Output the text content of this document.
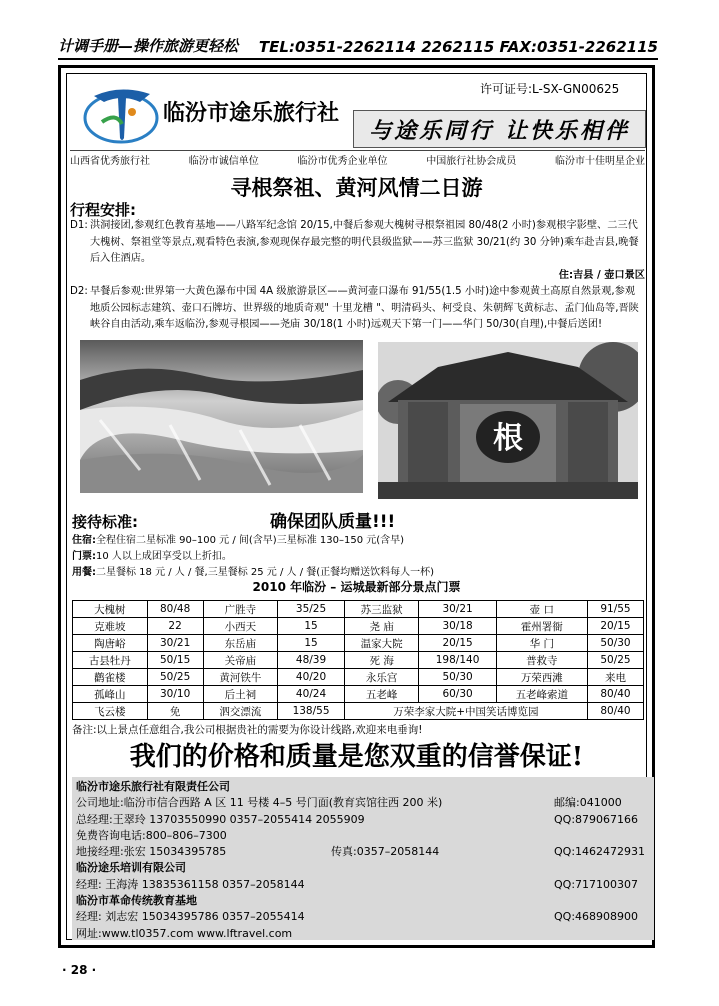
计调手册—操作旅游更轻松 TEL:0351-2262114 2262115 FAX:0351-2262115
许可证号:L-SX-GN00625
临汾市途乐旅行社
与途乐同行 让快乐相伴
山西省优秀旅行社	临汾市诚信单位	临汾市优秀企业单位	中国旅行社协会成员	临汾市十佳明星企业
寻根祭祖、黄河风情二日游
行程安排:
D1: 洪洞接团,参观红色教育基地——八路军纪念馆 20/15,中餐后参观大槐树寻根祭祖园 80/48(2 小时)参观根字影壁、二三代大槐树、祭祖堂等景点,观看特色表演,参观现保存最完整的明代县级监狱——苏三监狱 30/21(约 30 分钟)乘车赴吉县,晚餐后入住酒店。
住:吉县 / 壶口景区
D2: 早餐后参观:世界第一大黄色瀑布中国 4A 级旅游景区——黄河壶口瀑布 91/55(1.5 小时)途中参观黄土高原自然景观,参观地质公园标志建筑、壶口石牌坊、世界级的地质奇观" 十里龙槽 "、明清码头、柯受良、朱朝辉飞黄标志、孟门仙岛等,晋陕峡谷自由活动,乘车返临汾,参观寻根园——尧庙 30/18(1 小时)远观天下第一门——华门 50/30(自理),中餐后送团!
根
接待标准:	确保团队质量!!!
住宿:全程住宿二星标准 90–100 元 / 间(含早)三星标准 130–150 元(含早)
门票:10 人以上成团享受以上折扣。
用餐:二星餐标 18 元 / 人 / 餐,三星餐标 25 元 / 人 / 餐(正餐均赠送饮料每人一杯)
2010 年临汾 – 运城最新部分景点门票
大槐树	80/48	广胜寺	35/25	苏三监狱	30/21	壶 口	91/55
克难坡	22	小西天	15	尧 庙	30/18	霍州署衙	20/15
陶唐峪	30/21	东岳庙	15	温家大院	20/15	华 门	50/30
古县牡丹	50/15	关帝庙	48/39	死 海	198/140	普救寺	50/25
鹳雀楼	50/25	黄河铁牛	40/20	永乐宫	50/30	万荣西滩	来电
孤峰山	30/10	后土祠	40/24	五老峰	60/30	五老峰索道	80/40
飞云楼	免	泗交漂流	138/55	万荣李家大院+中国笑话博览园			80/40
备注:以上景点任意组合,我公司根据贵社的需要为你设计线路,欢迎来电垂询!
我们的价格和质量是您双重的信誉保证!
临汾市途乐旅行社有限责任公司
公司地址:临汾市信合西路 A 区 11 号楼 4–5 号门面(教育宾馆往西 200 米)	邮编:041000
总经理:王翠玲 13703550990 0357–2055414 2055909	QQ:879067166
免费咨询电话:800–806–7300
地接经理:张宏 15034395785	传真:0357–2058144	QQ:1462472931
临汾途乐培训有限公司
经理: 王海涛 13835361158 0357–2058144	QQ:717100307
临汾市革命传统教育基地
经理: 刘志宏 15034395786 0357–2055414	QQ:468908900
网址:www.tl0357.com www.lftravel.com
· 28 ·
